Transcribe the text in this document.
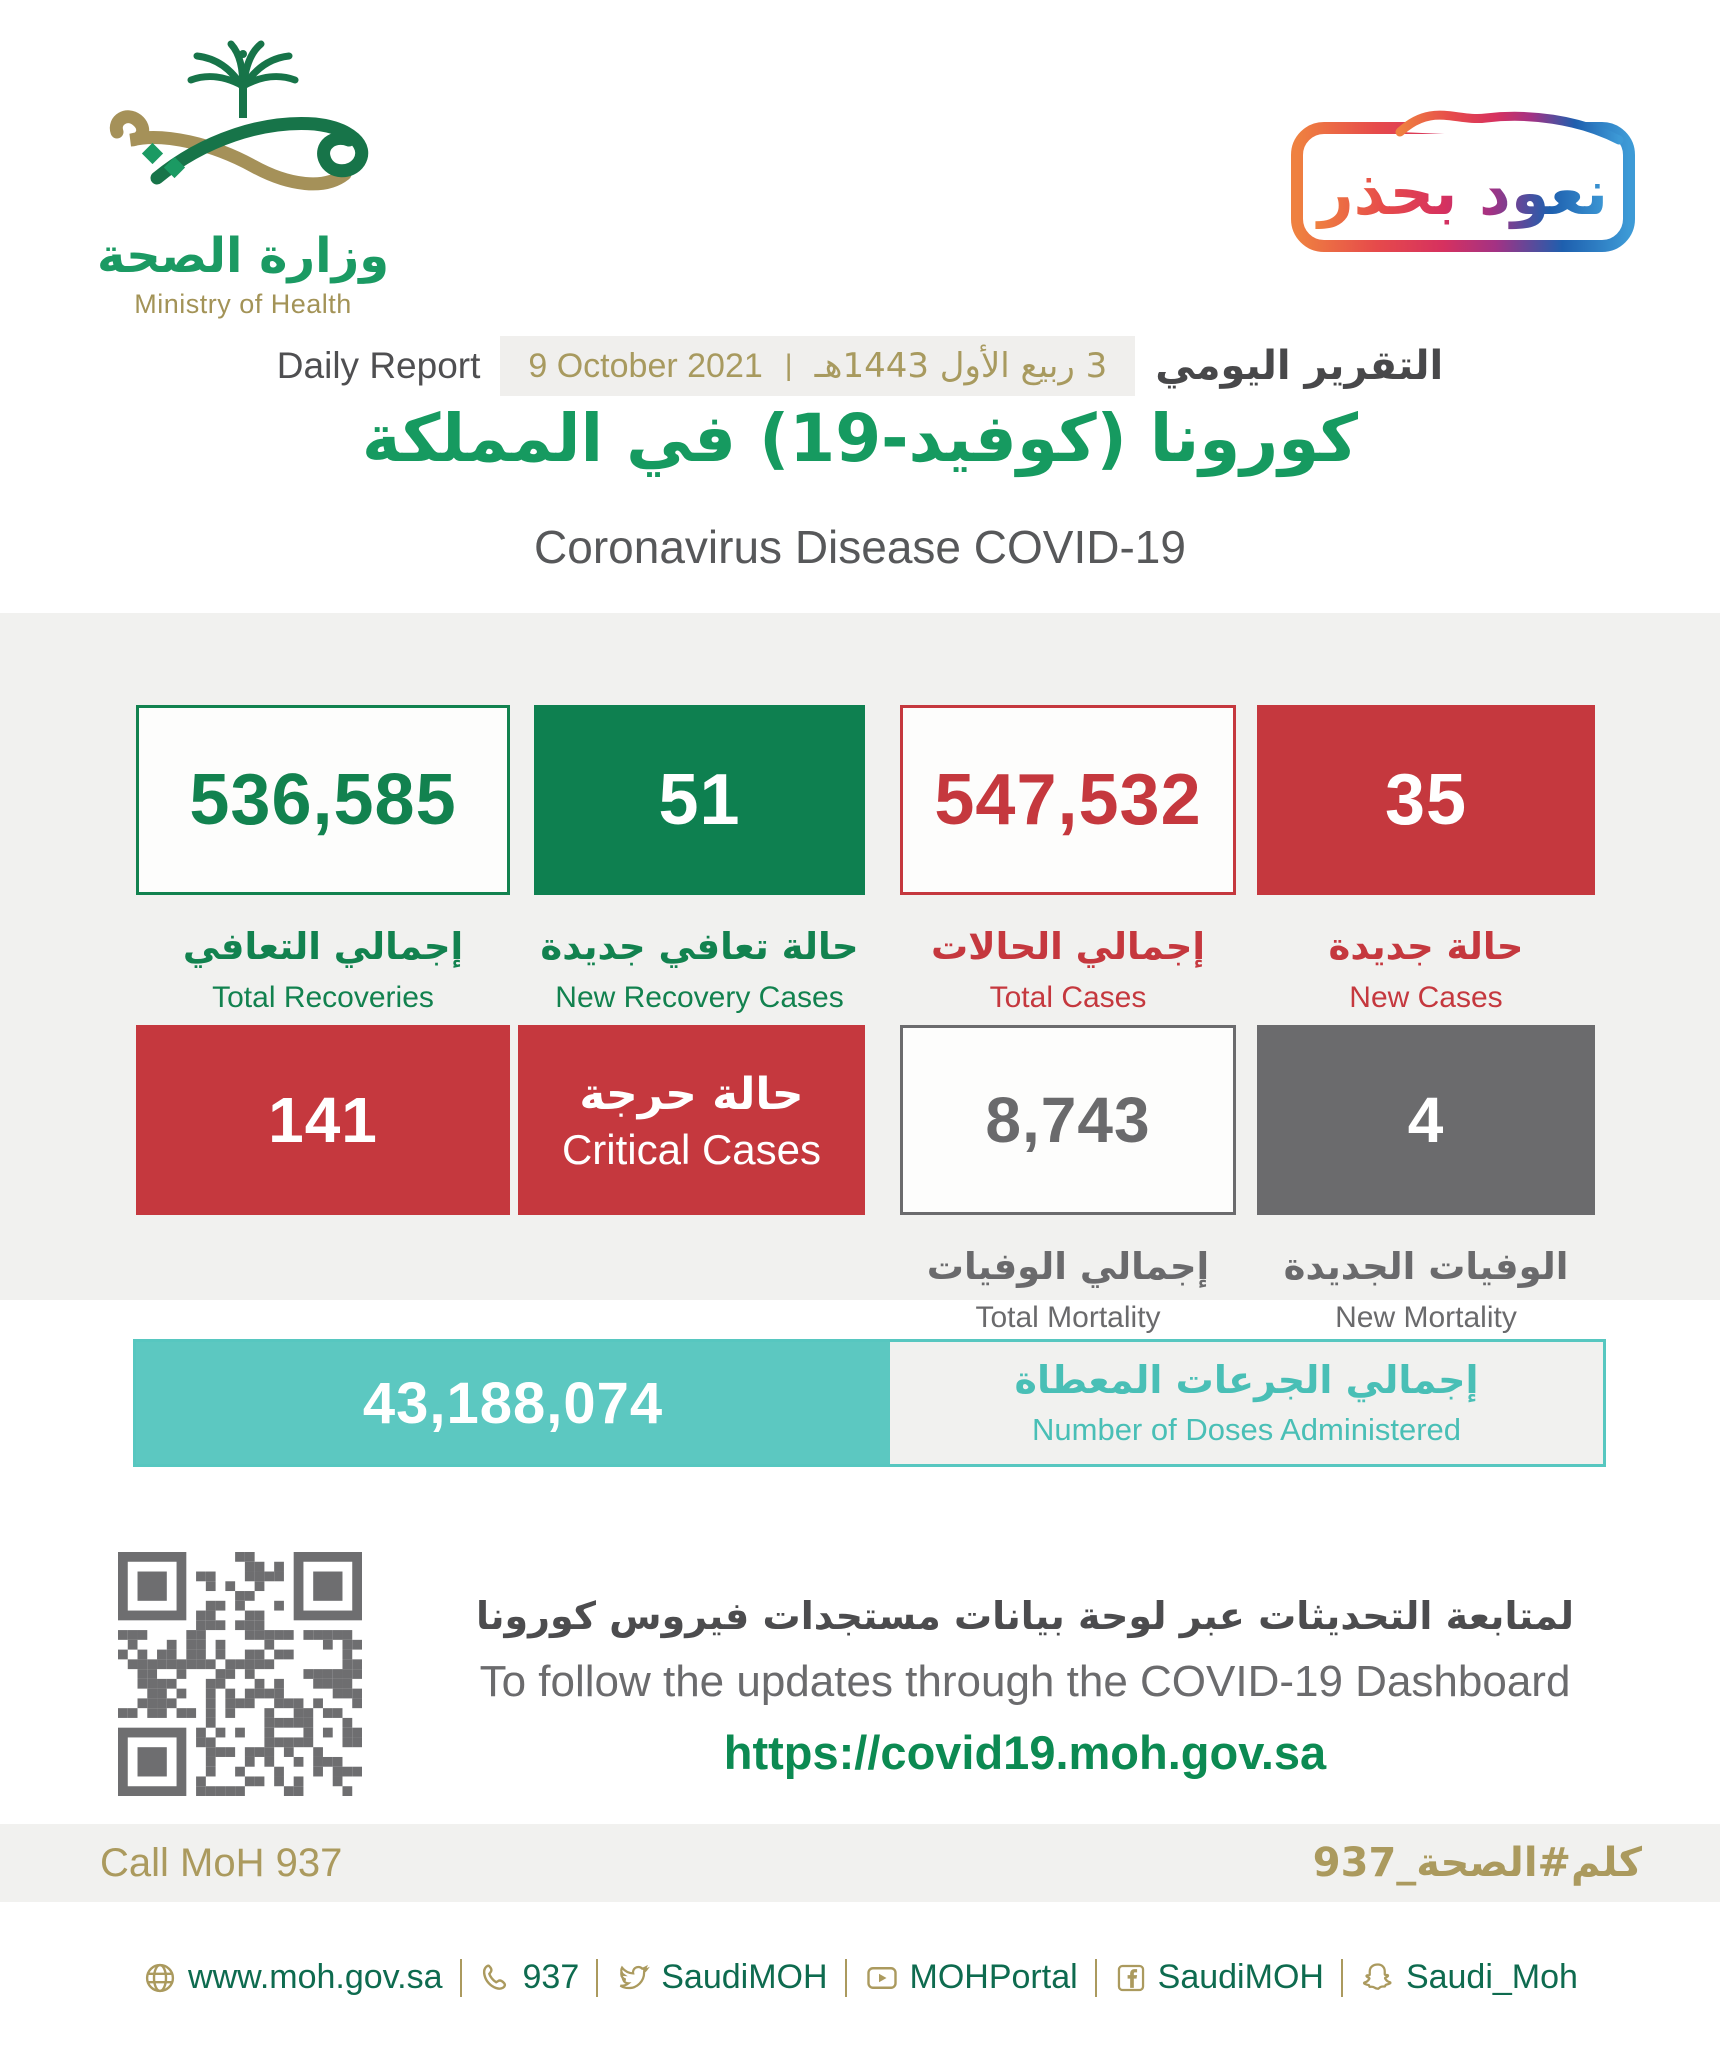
وزارة الصحة
Ministry of Health
نعود بحذر
Daily Report 9 October 2021 | 3 ربيع الأول 1443هـ التقرير اليومي
كورونا (كوفيد-19) في المملكة
Coronavirus Disease COVID-19
536,585
إجمالي التعافي
Total Recoveries
51
حالة تعافي جديدة
New Recovery Cases
547,532
إجمالي الحالات
Total Cases
35
حالة جديدة
New Cases
141	حالة حرجة
Critical Cases	8,743
إجمالي الوفيات
Total Mortality
4
الوفيات الجديدة
New Mortality
43,188,074	إجمالي الجرعات المعطاة
Number of Doses Administered
لمتابعة التحديثات عبر لوحة بيانات مستجدات فيروس كورونا
To follow the updates through the COVID-19 Dashboard
https://covid19.moh.gov.sa
Call MoH 937	كلم#الصحة_937
www.moh.gov.sa 937 SaudiMOH MOHPortal SaudiMOH Saudi_Moh
